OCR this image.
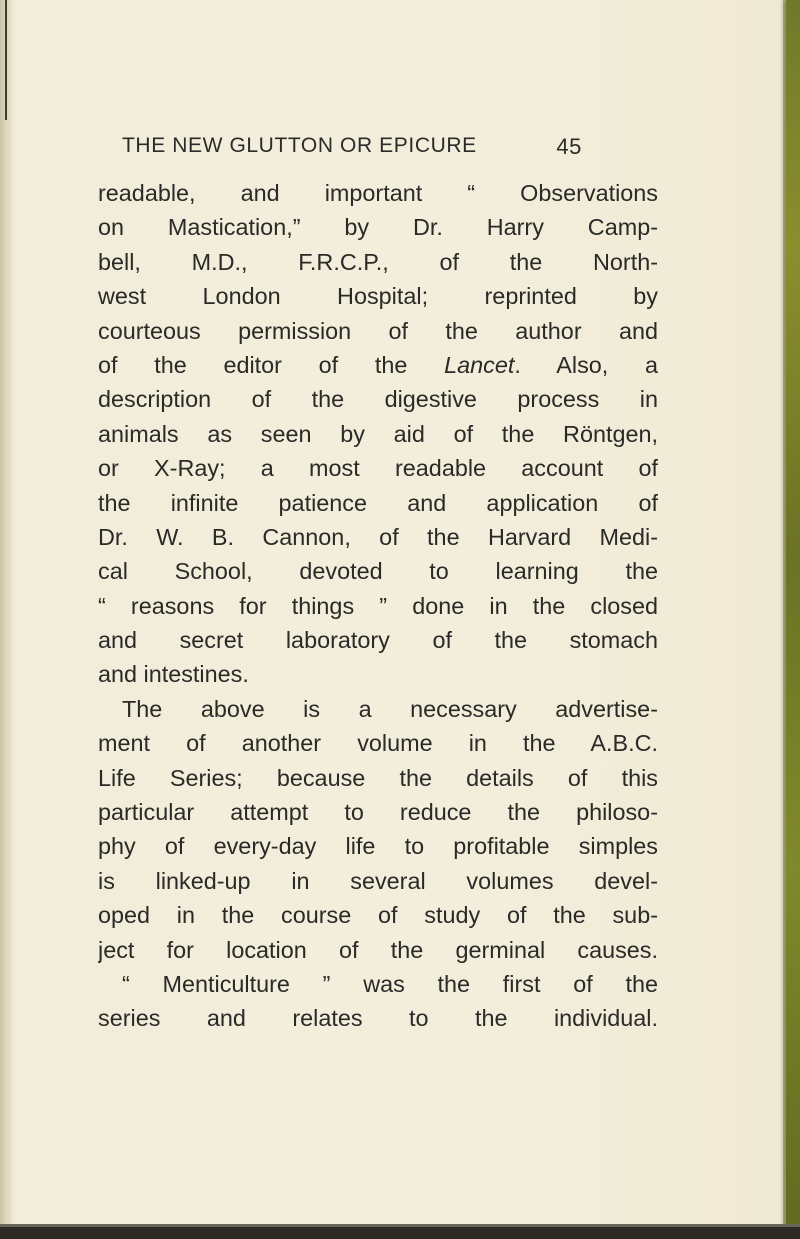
THE NEW GLUTTON OR EPICURE	45
readable, and important “ Observations
on Mastication,” by Dr. Harry Camp-
bell, M.D., F.R.C.P., of the North-
west London Hospital; reprinted by
courteous permission of the author and
of the editor of the Lancet. Also, a
description of the digestive process in
animals as seen by aid of the Röntgen,
or X-Ray; a most readable account of
the infinite patience and application of
Dr. W. B. Cannon, of the Harvard Medi-
cal School, devoted to learning the
“ reasons for things ” done in the closed
and secret laboratory of the stomach
and intestines.
The above is a necessary advertise-
ment of another volume in the A.B.C.
Life Series; because the details of this
particular attempt to reduce the philoso-
phy of every-day life to profitable simples
is linked-up in several volumes devel-
oped in the course of study of the sub-
ject for location of the germinal causes.
“ Menticulture ” was the first of the
series and relates to the individual.
